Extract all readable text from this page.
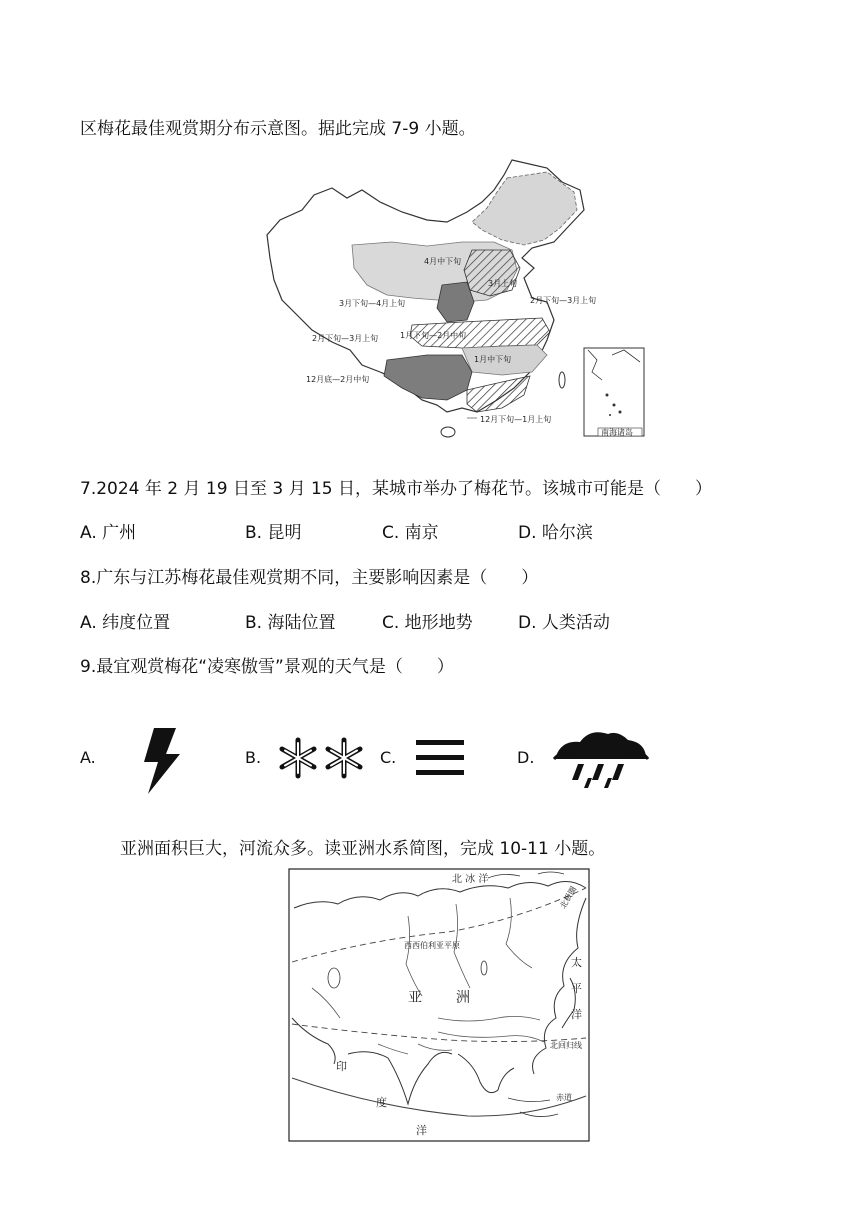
区梅花最佳观赏期分布示意图。据此完成 7-9 小题。
南海诸岛
4月中下旬
3月上旬
2月下旬—3月上旬
3月下旬—4月上旬
2月下旬—3月上旬	1月下旬—2月中旬
1月中下旬
12月底—2月中旬
12月下旬—1月上旬
7.2024 年 2 月 19 日至 3 月 15 日，某城市举办了梅花节。该城市可能是（　　）
A. 广州	B. 昆明	C. 南京	D. 哈尔滨
8.广东与江苏梅花最佳观赏期不同，主要影响因素是（　　）
A. 纬度位置	B. 海陆位置	C. 地形地势	D. 人类活动
9.最宜观赏梅花“凌寒傲雪”景观的天气是（　　）
A.	B.	C.	D.
亚洲面积巨大，河流众多。读亚洲水系简图，完成 10-11 小题。
北 冰 洋
西西伯利亚平原
亚 洲
太
平
洋
北回归线
印
度
洋
赤道
北极圈
